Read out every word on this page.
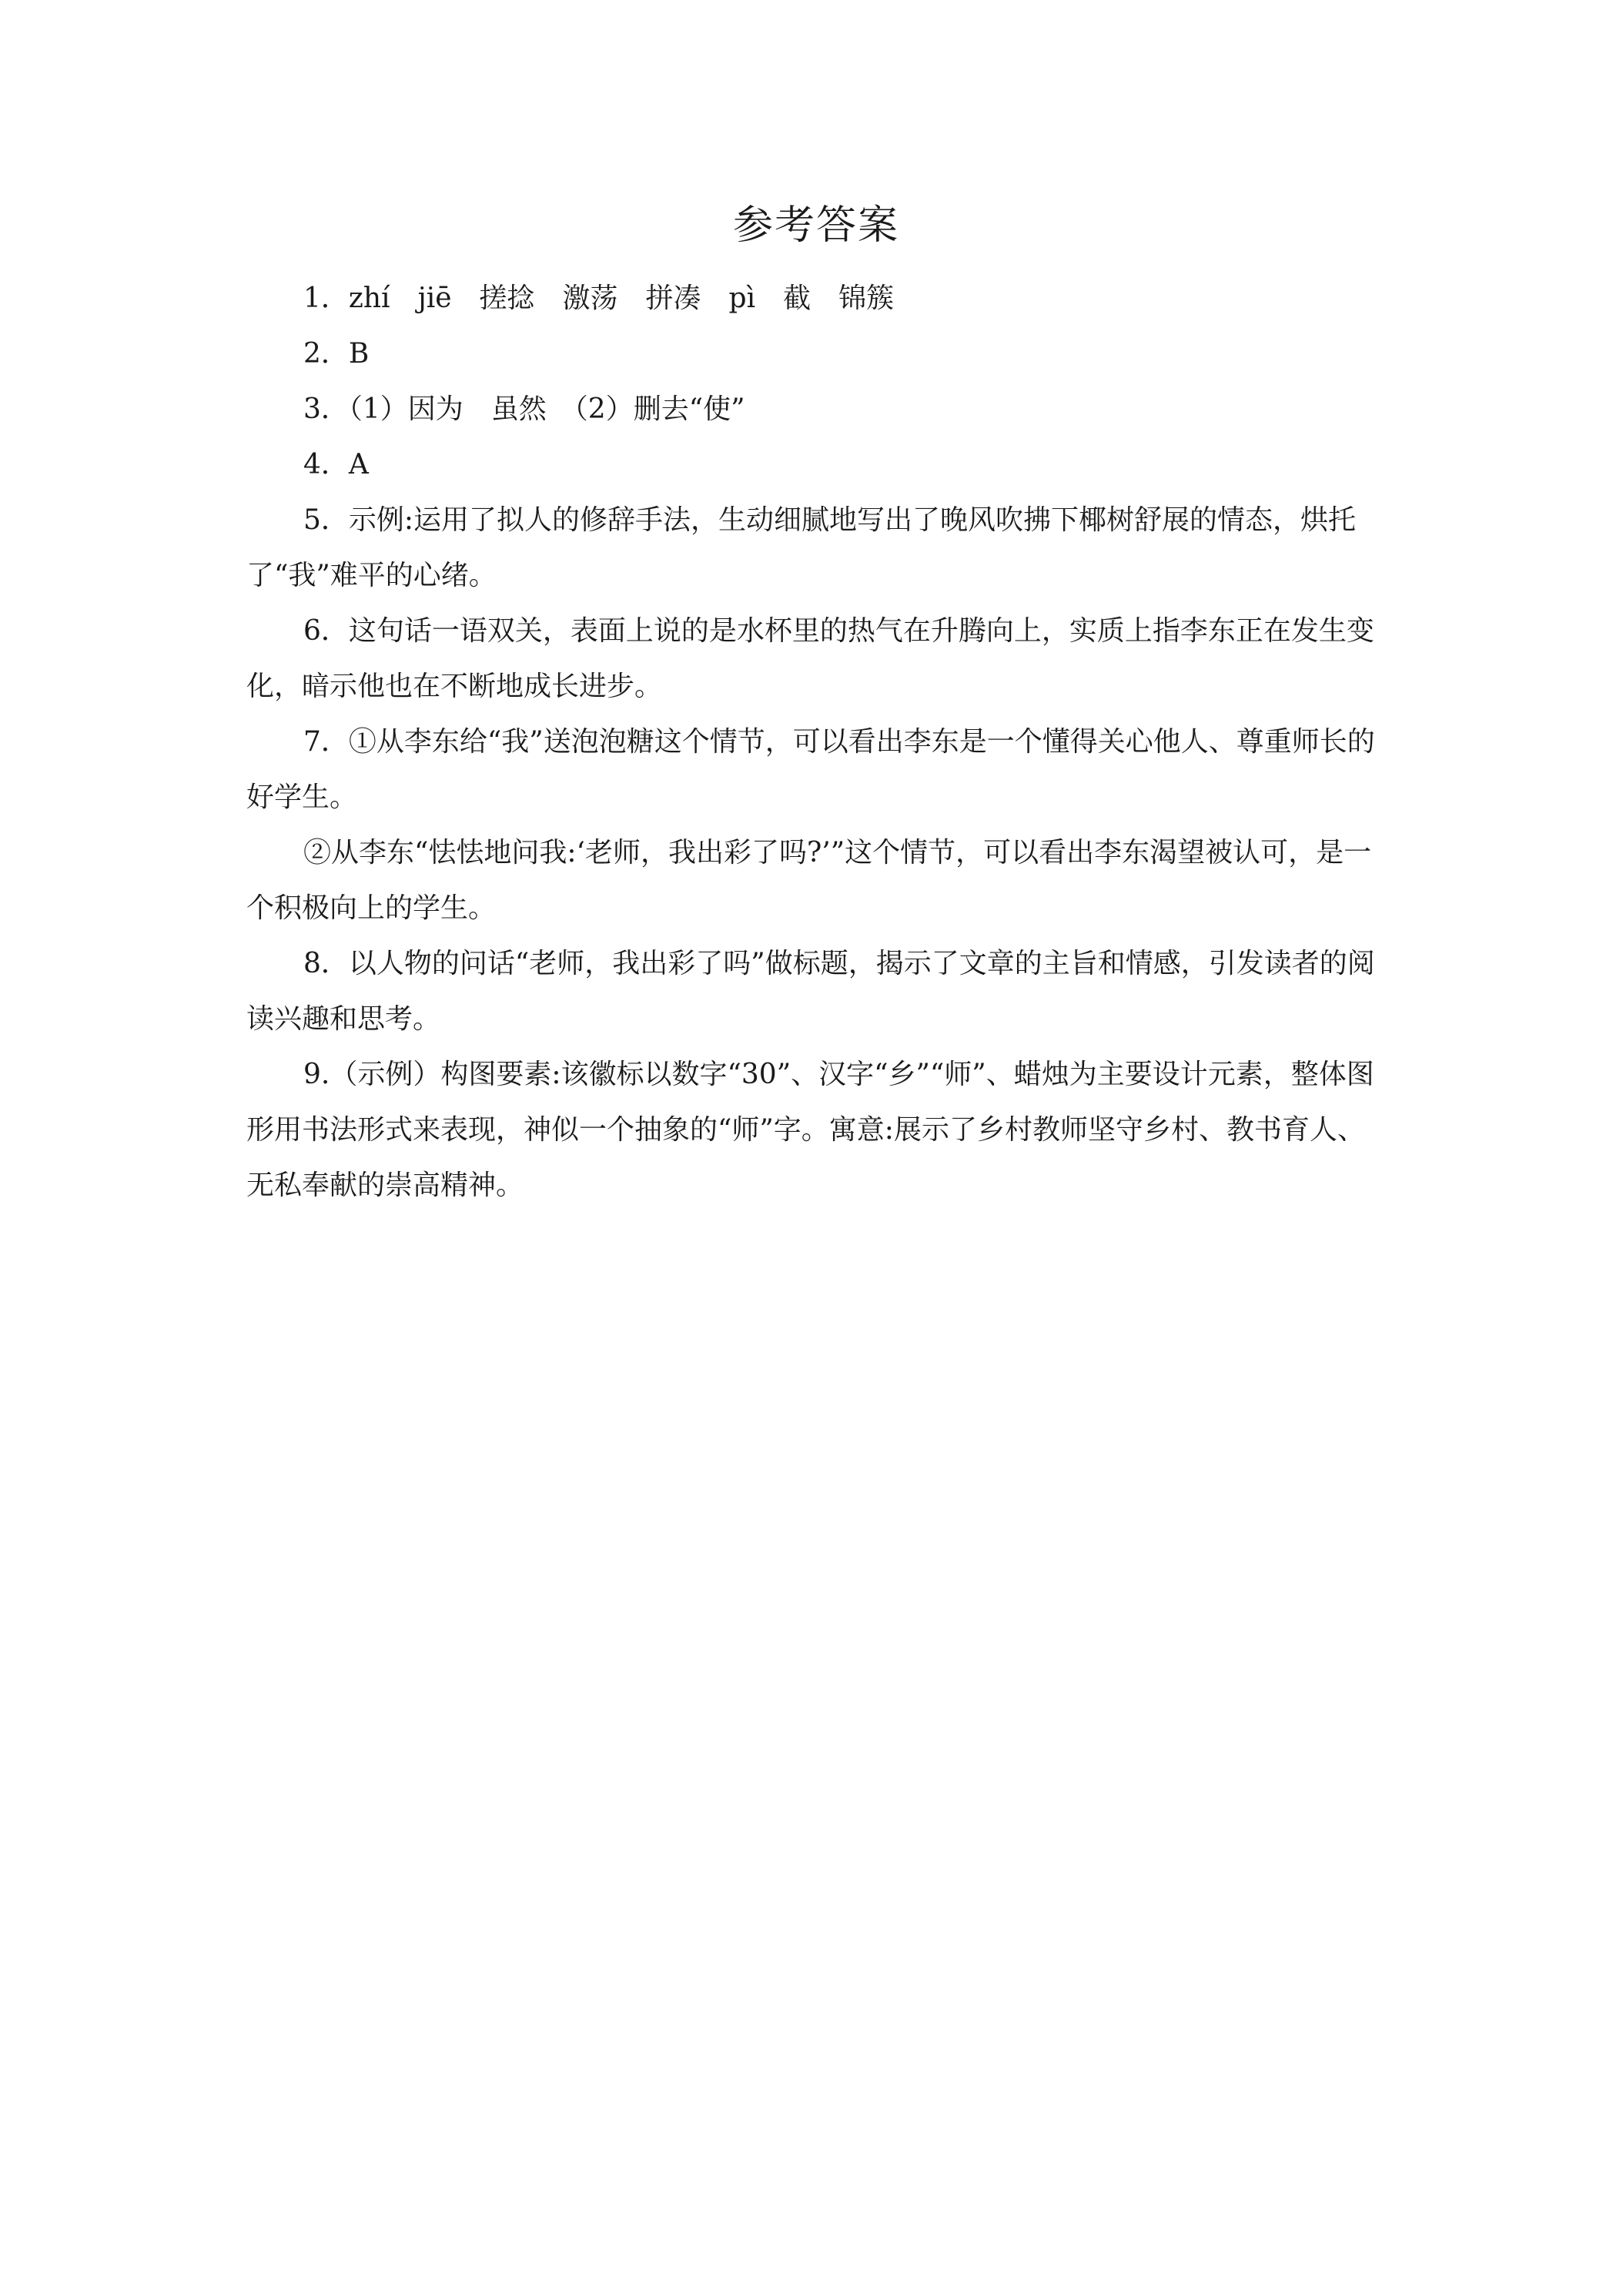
参考答案

1．zhí　jiē　搓捻　激荡　拼凑　pì　截　锦簇

2．B

3．（1）因为　虽然　（2）删去“使”

4．A

5．示例:运用了拟人的修辞手法，生动细腻地写出了晚风吹拂下椰树舒展的情态，烘托了“我”难平的心绪。

6．这句话一语双关，表面上说的是水杯里的热气在升腾向上，实质上指李东正在发生变化，暗示他也在不断地成长进步。

7．①从李东给“我”送泡泡糖这个情节，可以看出李东是一个懂得关心他人、尊重师长的好学生。

②从李东“怯怯地问我:‘老师，我出彩了吗?’”这个情节，可以看出李东渴望被认可，是一个积极向上的学生。

8．以人物的问话“老师，我出彩了吗”做标题，揭示了文章的主旨和情感，引发读者的阅读兴趣和思考。

9.（示例）构图要素:该徽标以数字“30”、汉字“乡”“师”、蜡烛为主要设计元素，整体图形用书法形式来表现，神似一个抽象的“师”字。寓意:展示了乡村教师坚守乡村、教书育人、无私奉献的崇高精神。
